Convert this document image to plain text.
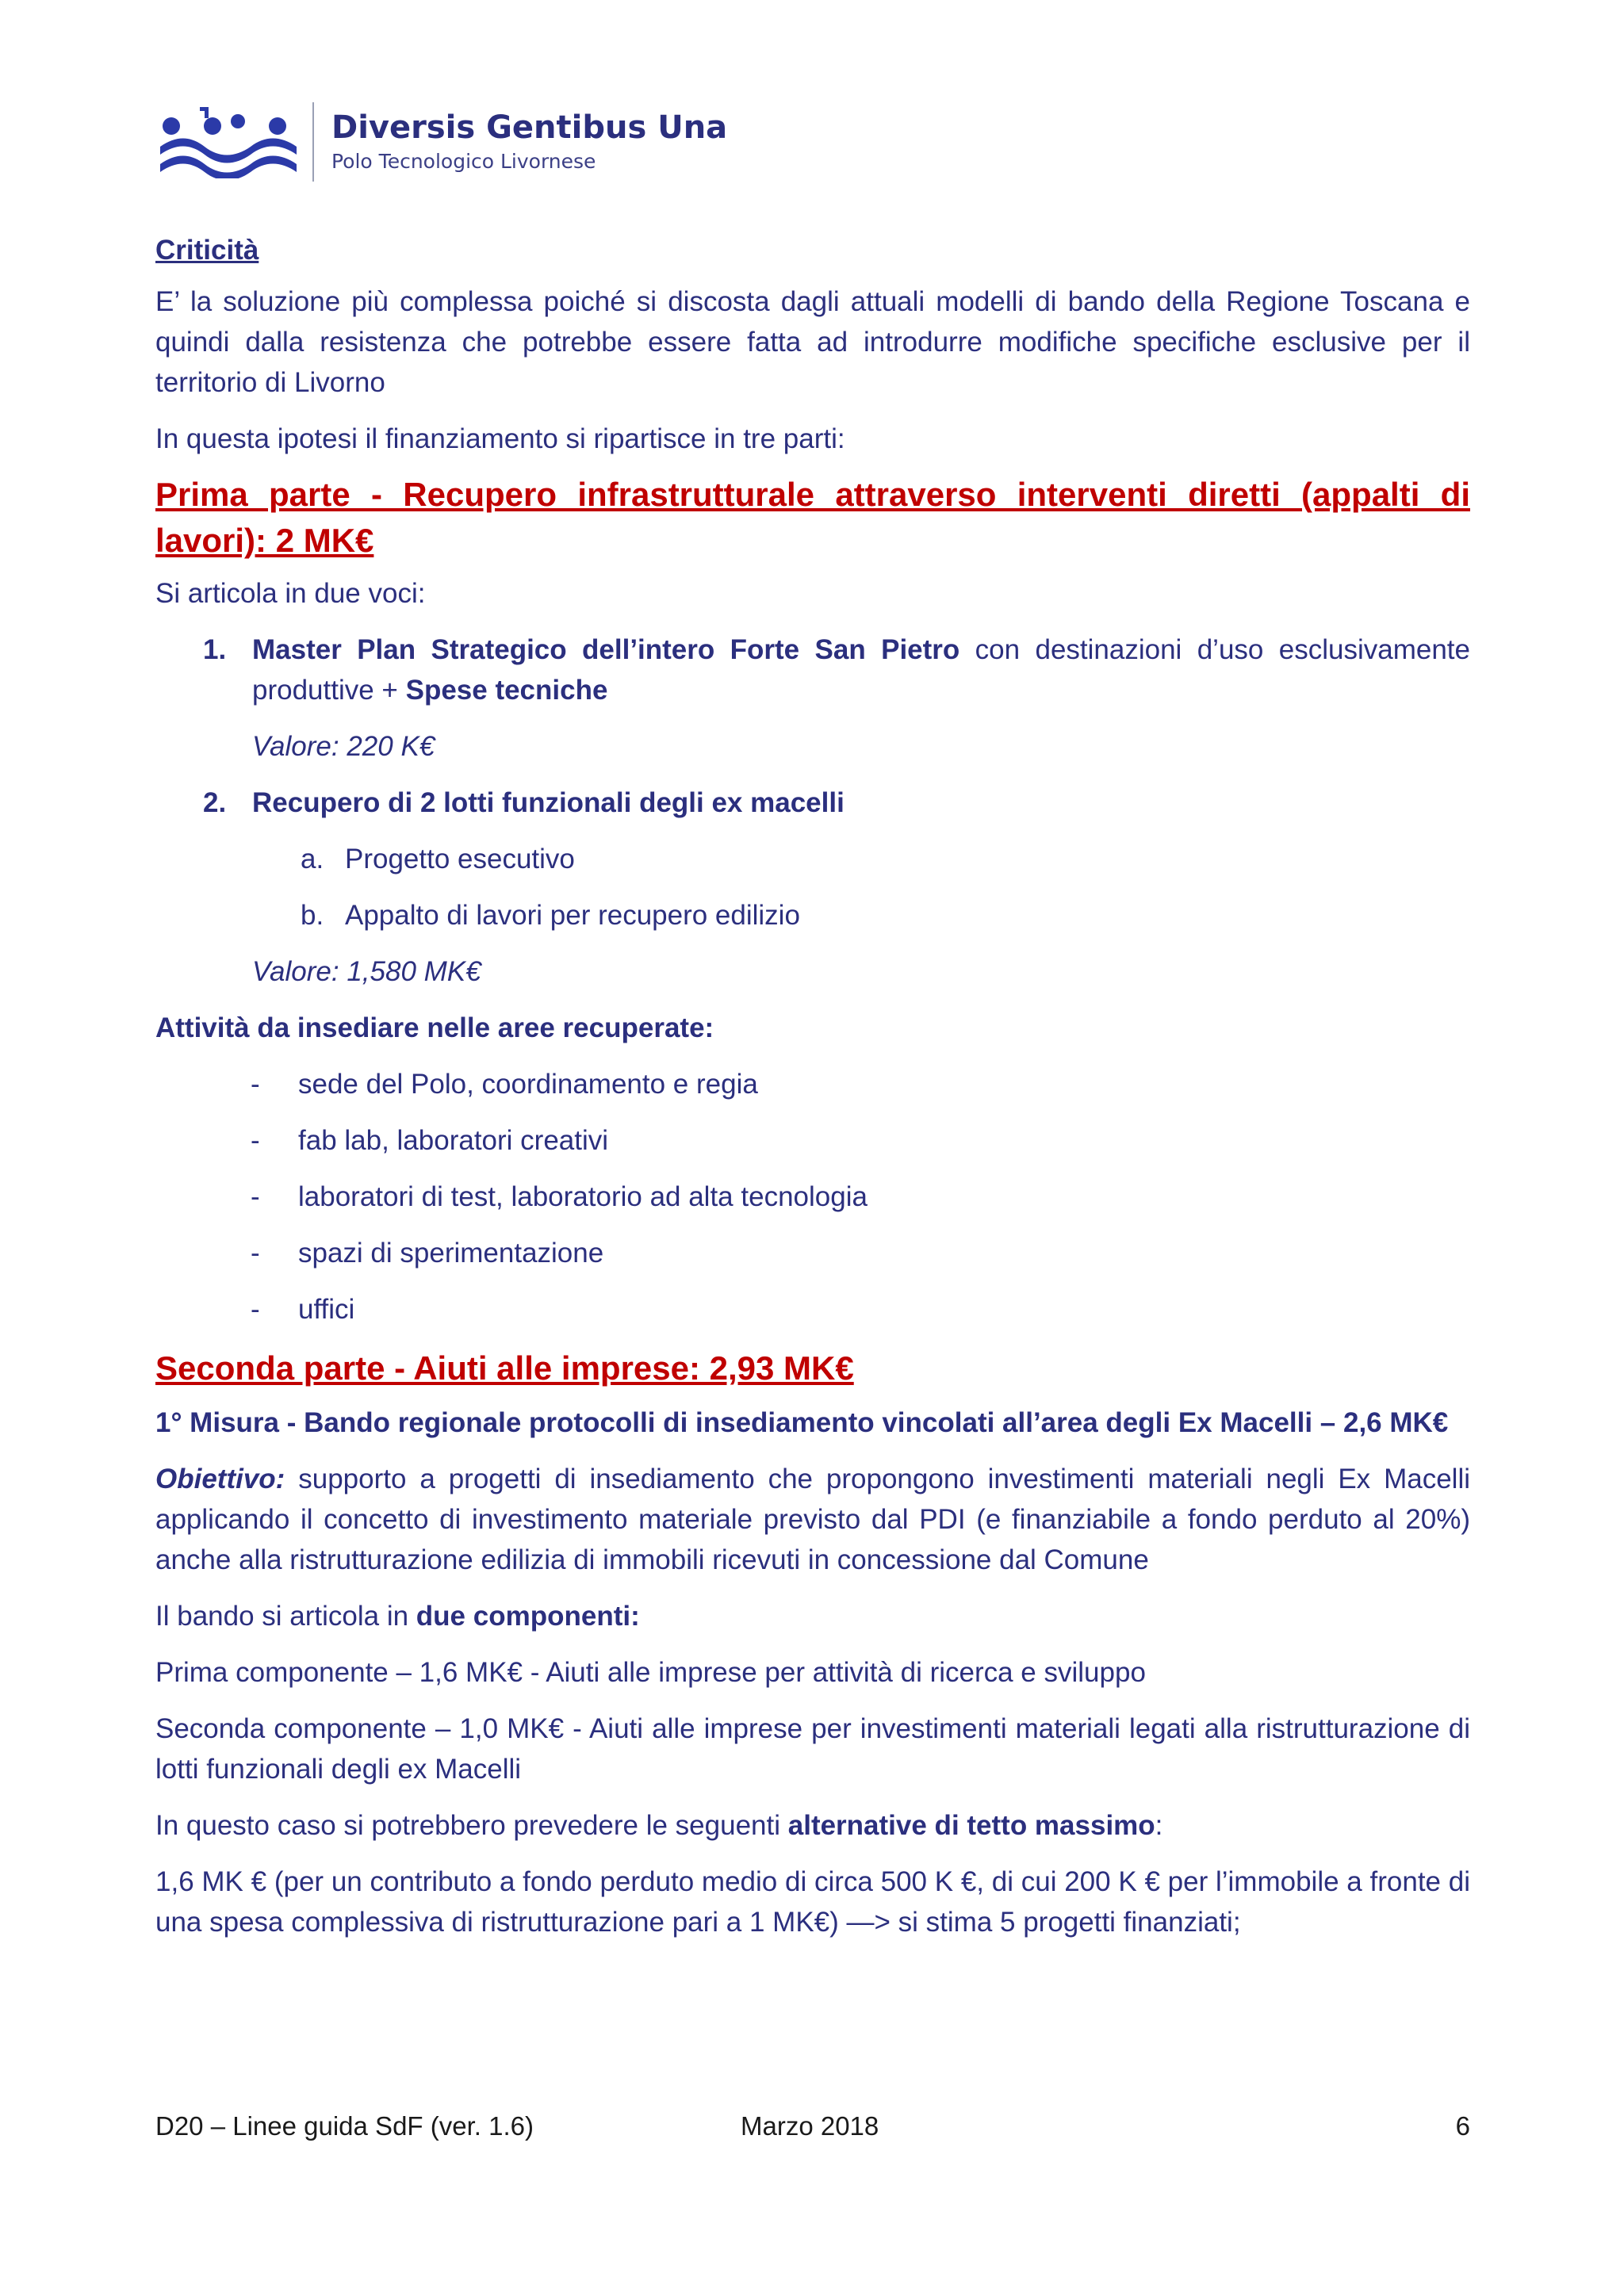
Diversis Gentibus Una
Polo Tecnologico Livornese
Criticità
E’ la soluzione più complessa poiché si discosta dagli attuali modelli di bando della Regione Toscana e quindi dalla resistenza che potrebbe essere fatta ad introdurre modifiche specifiche esclusive per il territorio di Livorno
In questa ipotesi il finanziamento si ripartisce in tre parti:
Prima parte - Recupero infrastrutturale attraverso interventi diretti (appalti di lavori): 2 MK€
Si articola in due voci:
1. Master Plan Strategico dell’intero Forte San Pietro con destinazioni d’uso esclusivamente produttive + Spese tecniche
Valore: 220 K€
2. Recupero di 2 lotti funzionali degli ex macelli
a. Progetto esecutivo
b. Appalto di lavori per recupero edilizio
Valore: 1,580 MK€
Attività da insediare nelle aree recuperate:
-	sede del Polo, coordinamento e regia
-	fab lab, laboratori creativi
-	laboratori di test, laboratorio ad alta tecnologia
-	spazi di sperimentazione
-	uffici
Seconda parte - Aiuti alle imprese: 2,93 MK€
1° Misura - Bando regionale protocolli di insediamento vincolati all’area degli Ex Macelli – 2,6 MK€
Obiettivo: supporto a progetti di insediamento che propongono investimenti materiali negli Ex Macelli applicando il concetto di investimento materiale previsto dal PDI (e finanziabile a fondo perduto al 20%) anche alla ristrutturazione edilizia di immobili ricevuti in concessione dal Comune
Il bando si articola in due componenti:
Prima componente – 1,6 MK€ - Aiuti alle imprese per attività di ricerca e sviluppo
Seconda componente – 1,0 MK€ - Aiuti alle imprese per investimenti materiali legati alla ristrutturazione di lotti funzionali degli ex Macelli
In questo caso si potrebbero prevedere le seguenti alternative di tetto massimo:
1,6 MK € (per un contributo a fondo perduto medio di circa 500 K €, di cui 200 K € per l’immobile a fronte di una spesa complessiva di ristrutturazione pari a 1 MK€) —> si stima 5 progetti finanziati;
D20 – Linee guida SdF (ver. 1.6)	Marzo 2018	6
